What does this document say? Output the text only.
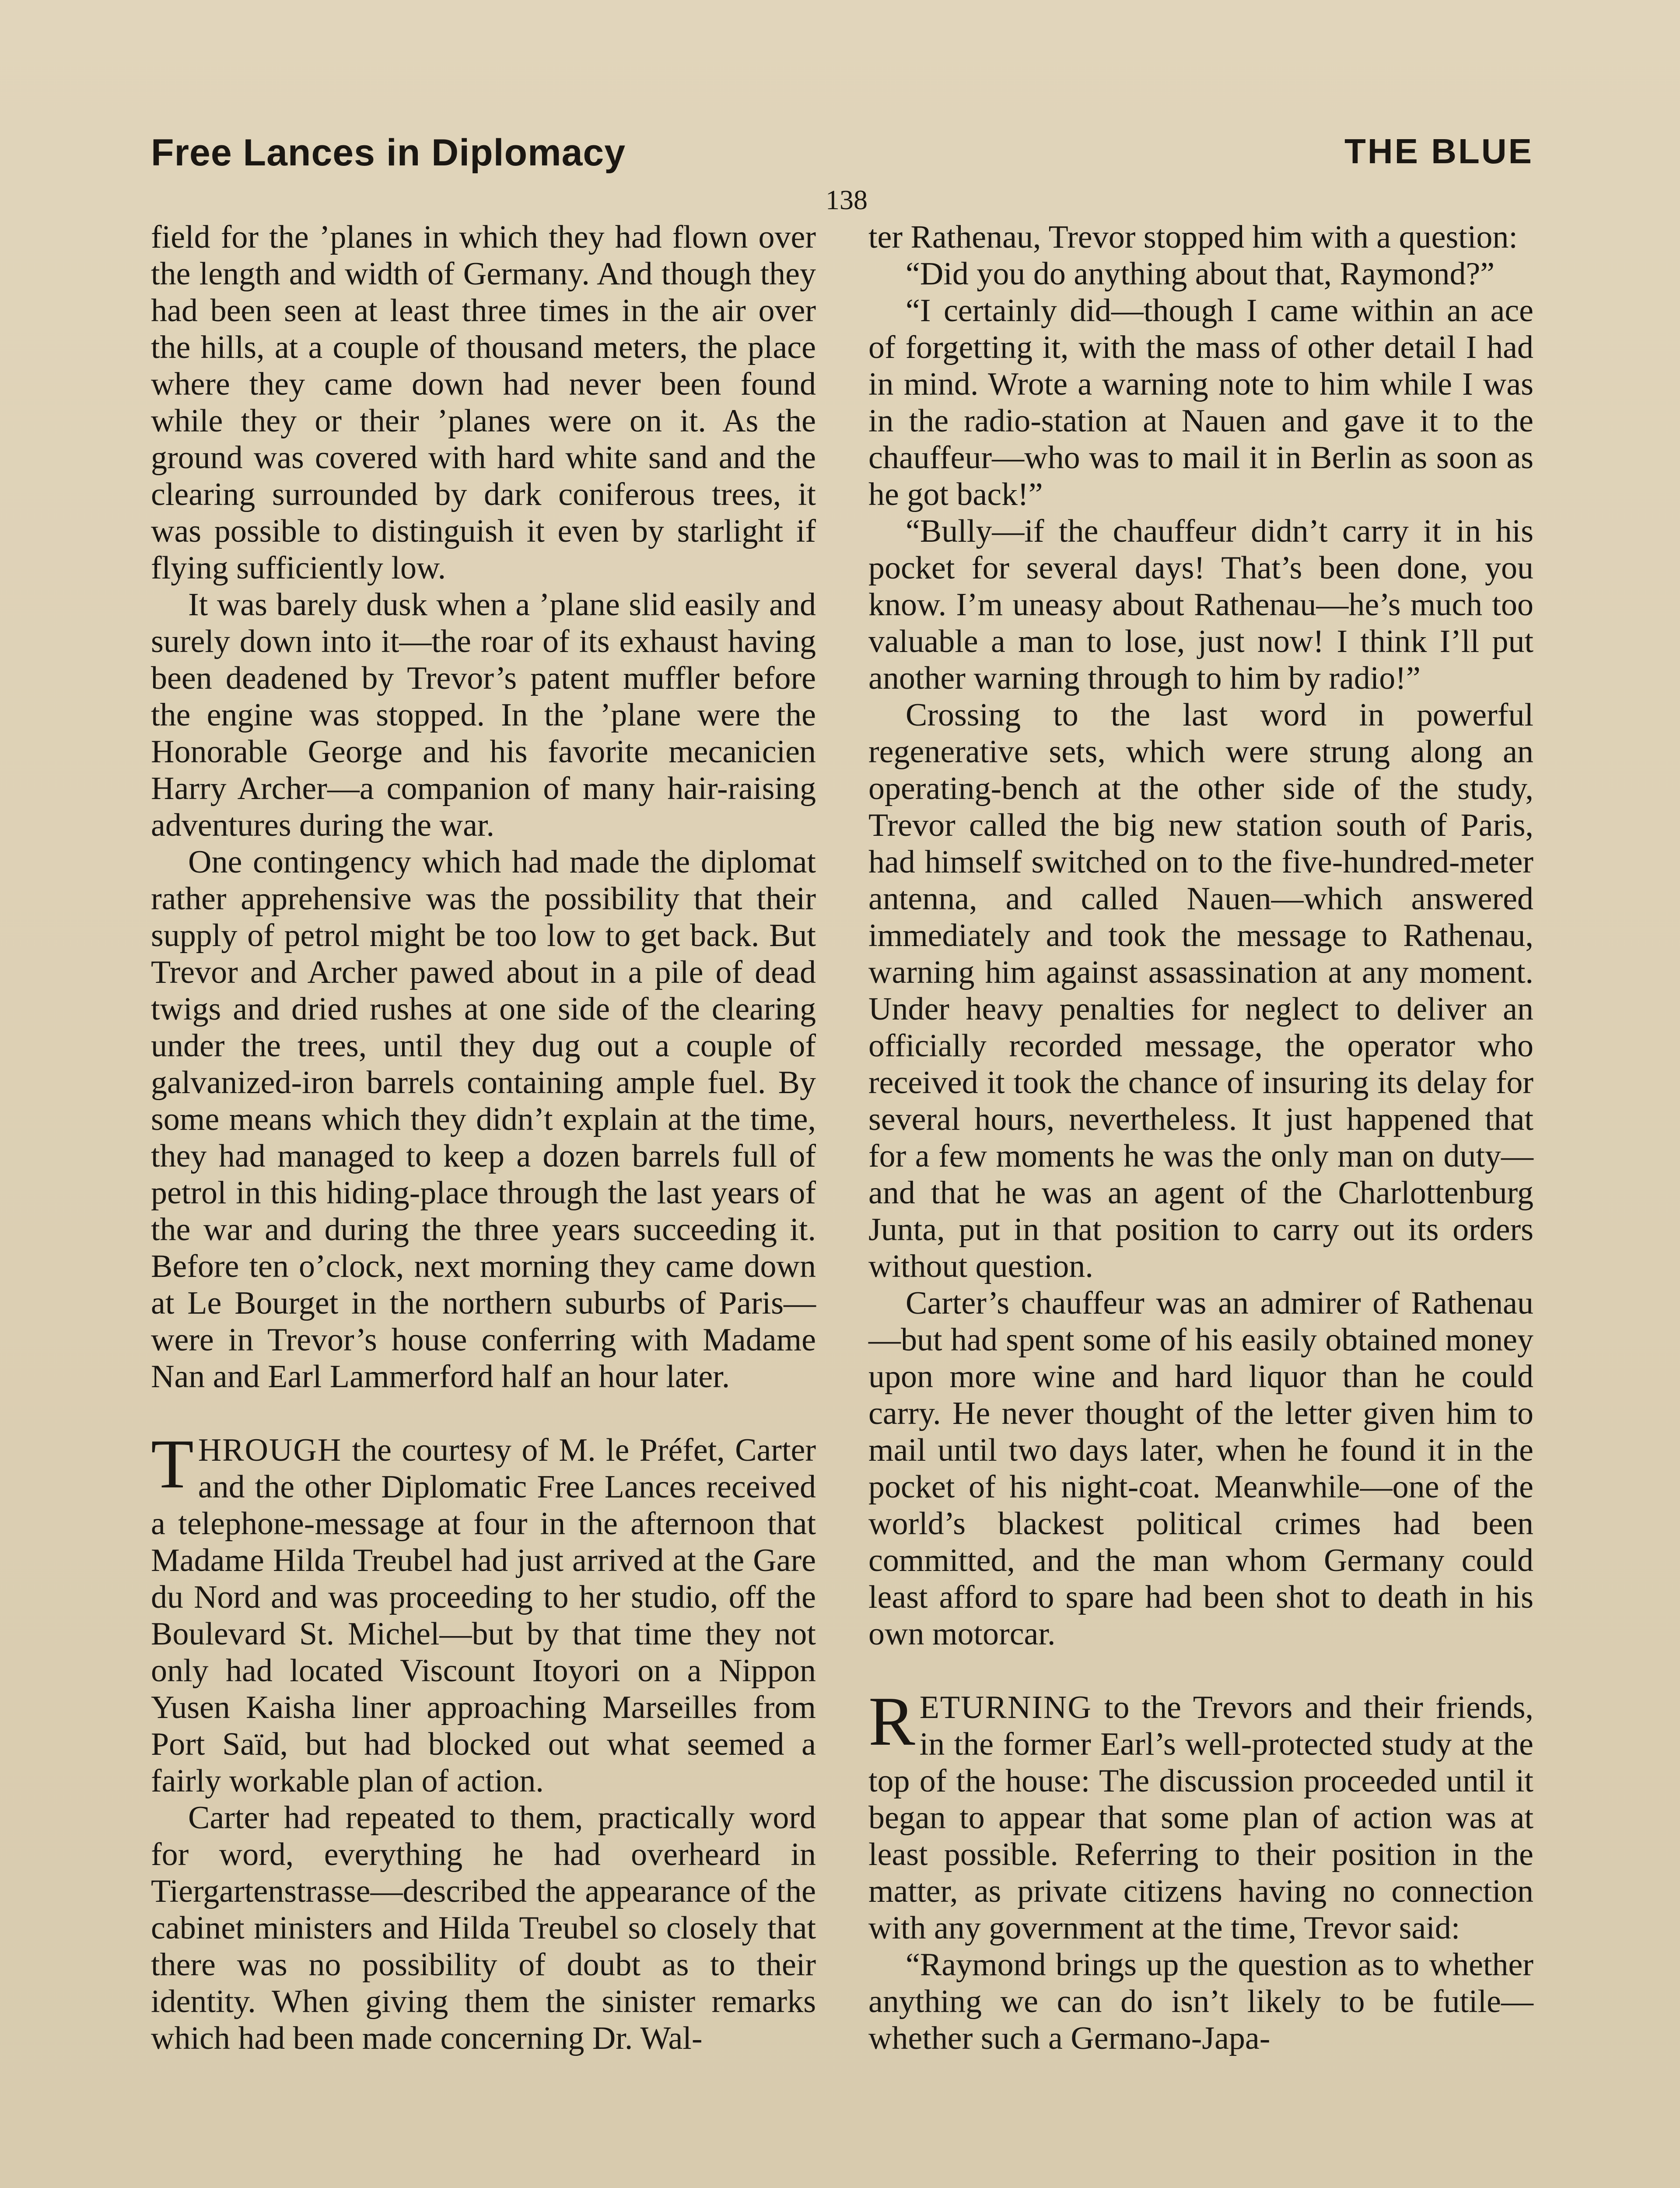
Free Lances in Diplomacy	THE BLUE
138

field for the ’planes in which they had flown over the length and width of Germany. And though they had been seen at least three times in the air over the hills, at a couple of thousand meters, the place where they came down had never been found while they or their ’planes were on it. As the ground was covered with hard white sand and the clearing surrounded by dark coniferous trees, it was possible to distinguish it even by starlight if flying sufficiently low.

It was barely dusk when a ’plane slid easily and surely down into it—the roar of its exhaust having been deadened by Trevor’s patent muffler before the engine was stopped. In the ’plane were the Honorable George and his favorite mecanicien Harry Archer—a companion of many hair-raising adventures during the war.

One contingency which had made the diplomat rather apprehensive was the possibility that their supply of petrol might be too low to get back. But Trevor and Archer pawed about in a pile of dead twigs and dried rushes at one side of the clearing under the trees, until they dug out a couple of galvanized-iron barrels containing ample fuel. By some means which they didn’t explain at the time, they had managed to keep a dozen barrels full of petrol in this hiding-place through the last years of the war and during the three years succeeding it. Before ten o’clock, next morning they came down at Le Bourget in the northern suburbs of Paris—were in Trevor’s house conferring with Madame Nan and Earl Lammerford half an hour later.

THROUGH the courtesy of M. le Préfet, Carter and the other Diplomatic Free Lances received a telephone-message at four in the afternoon that Madame Hilda Treubel had just arrived at the Gare du Nord and was proceeding to her studio, off the Boulevard St. Michel—but by that time they not only had located Viscount Itoyori on a Nippon Yusen Kaisha liner approaching Marseilles from Port Saïd, but had blocked out what seemed a fairly workable plan of action.

Carter had repeated to them, practically word for word, everything he had overheard in Tiergartenstrasse—described the appearance of the cabinet ministers and Hilda Treubel so closely that there was no possibility of doubt as to their identity. When giving them the sinister remarks which had been made concerning Dr. Wal-

ter Rathenau, Trevor stopped him with a question:

“Did you do anything about that, Raymond?”

“I certainly did—though I came within an ace of forgetting it, with the mass of other detail I had in mind. Wrote a warning note to him while I was in the radio-station at Nauen and gave it to the chauffeur—who was to mail it in Berlin as soon as he got back!”

“Bully—if the chauffeur didn’t carry it in his pocket for several days! That’s been done, you know. I’m uneasy about Rathenau—he’s much too valuable a man to lose, just now! I think I’ll put another warning through to him by radio!”

Crossing to the last word in powerful regenerative sets, which were strung along an operating-bench at the other side of the study, Trevor called the big new station south of Paris, had himself switched on to the five-hundred-meter antenna, and called Nauen—which answered immediately and took the message to Rathenau, warning him against assassination at any moment. Under heavy penalties for neglect to deliver an officially recorded message, the operator who received it took the chance of insuring its delay for several hours, nevertheless. It just happened that for a few moments he was the only man on duty—and that he was an agent of the Charlottenburg Junta, put in that position to carry out its orders without question.

Carter’s chauffeur was an admirer of Rathenau—but had spent some of his easily obtained money upon more wine and hard liquor than he could carry. He never thought of the letter given him to mail until two days later, when he found it in the pocket of his night-coat. Meanwhile—one of the world’s blackest political crimes had been committed, and the man whom Germany could least afford to spare had been shot to death in his own motorcar.

RETURNING to the Trevors and their friends, in the former Earl’s well-protected study at the top of the house: The discussion proceeded until it began to appear that some plan of action was at least possible. Referring to their position in the matter, as private citizens having no connection with any government at the time, Trevor said:

“Raymond brings up the question as to whether anything we can do isn’t likely to be futile—whether such a Germano-Japa-
